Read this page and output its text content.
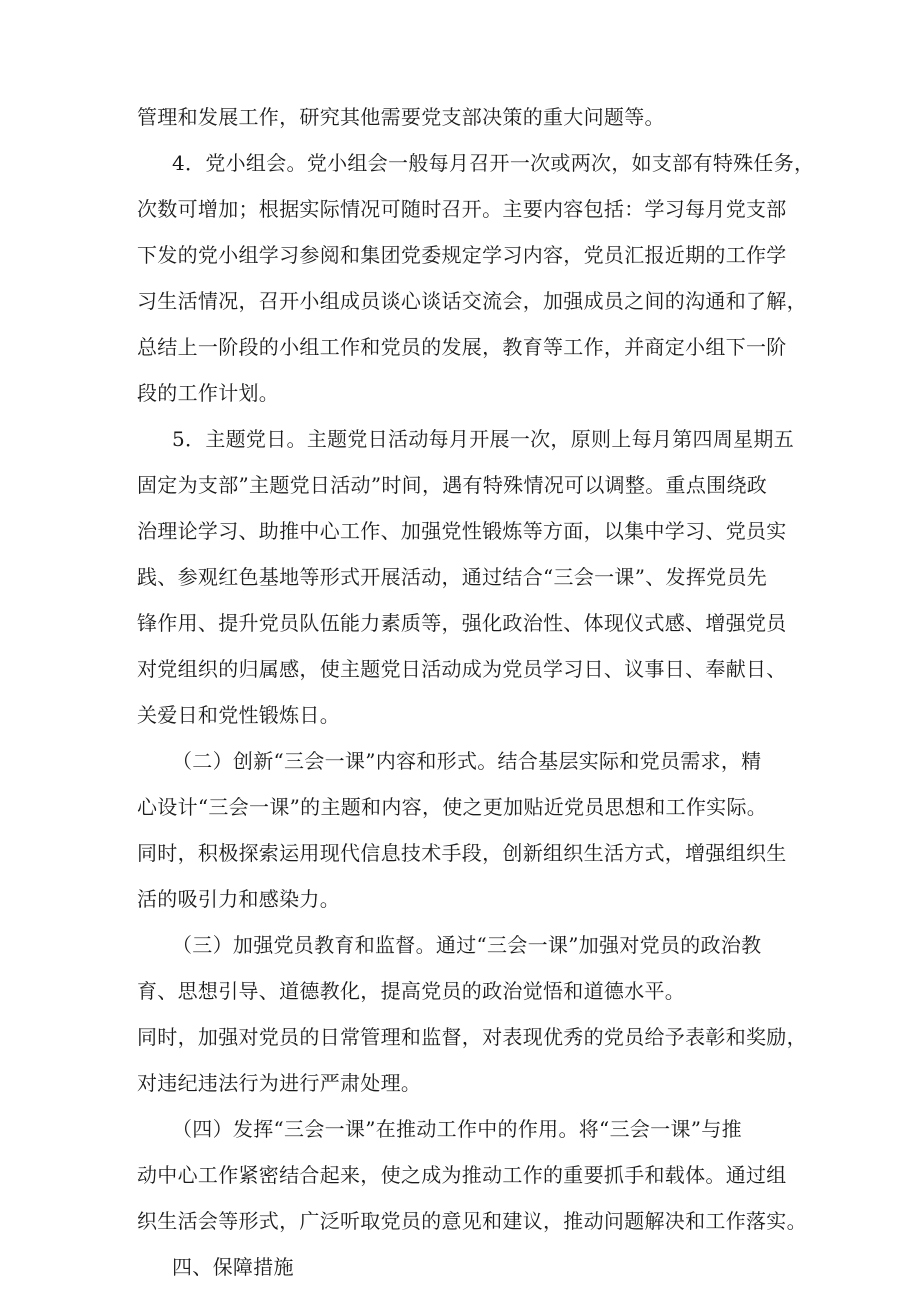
管理和发展工作，研究其他需要党支部决策的重大问题等。
4．党小组会。党小组会一般每月召开一次或两次，如支部有特殊任务，
次数可增加；根据实际情况可随时召开。主要内容包括：学习每月党支部
下发的党小组学习参阅和集团党委规定学习内容，党员汇报近期的工作学
习生活情况，召开小组成员谈心谈话交流会，加强成员之间的沟通和了解，
总结上一阶段的小组工作和党员的发展，教育等工作，并商定小组下一阶
段的工作计划。
5．主题党日。主题党日活动每月开展一次，原则上每月第四周星期五
固定为支部”主题党日活动”时间，遇有特殊情况可以调整。重点围绕政
治理论学习、助推中心工作、加强党性锻炼等方面，以集中学习、党员实
践、参观红色基地等形式开展活动，通过结合“三会一课”、发挥党员先
锋作用、提升党员队伍能力素质等，强化政治性、体现仪式感、增强党员
对党组织的归属感，使主题党日活动成为党员学习日、议事日、奉献日、
关爱日和党性锻炼日。
（二）创新“三会一课”内容和形式。结合基层实际和党员需求，精
心设计“三会一课”的主题和内容，使之更加贴近党员思想和工作实际。
同时，积极探索运用现代信息技术手段，创新组织生活方式，增强组织生
活的吸引力和感染力。
（三）加强党员教育和监督。通过“三会一课”加强对党员的政治教
育、思想引导、道德教化，提高党员的政治觉悟和道德水平。
同时，加强对党员的日常管理和监督，对表现优秀的党员给予表彰和奖励，
对违纪违法行为进行严肃处理。
（四）发挥“三会一课”在推动工作中的作用。将“三会一课”与推
动中心工作紧密结合起来，使之成为推动工作的重要抓手和载体。通过组
织生活会等形式，广泛听取党员的意见和建议，推动问题解决和工作落实。
四、保障措施
